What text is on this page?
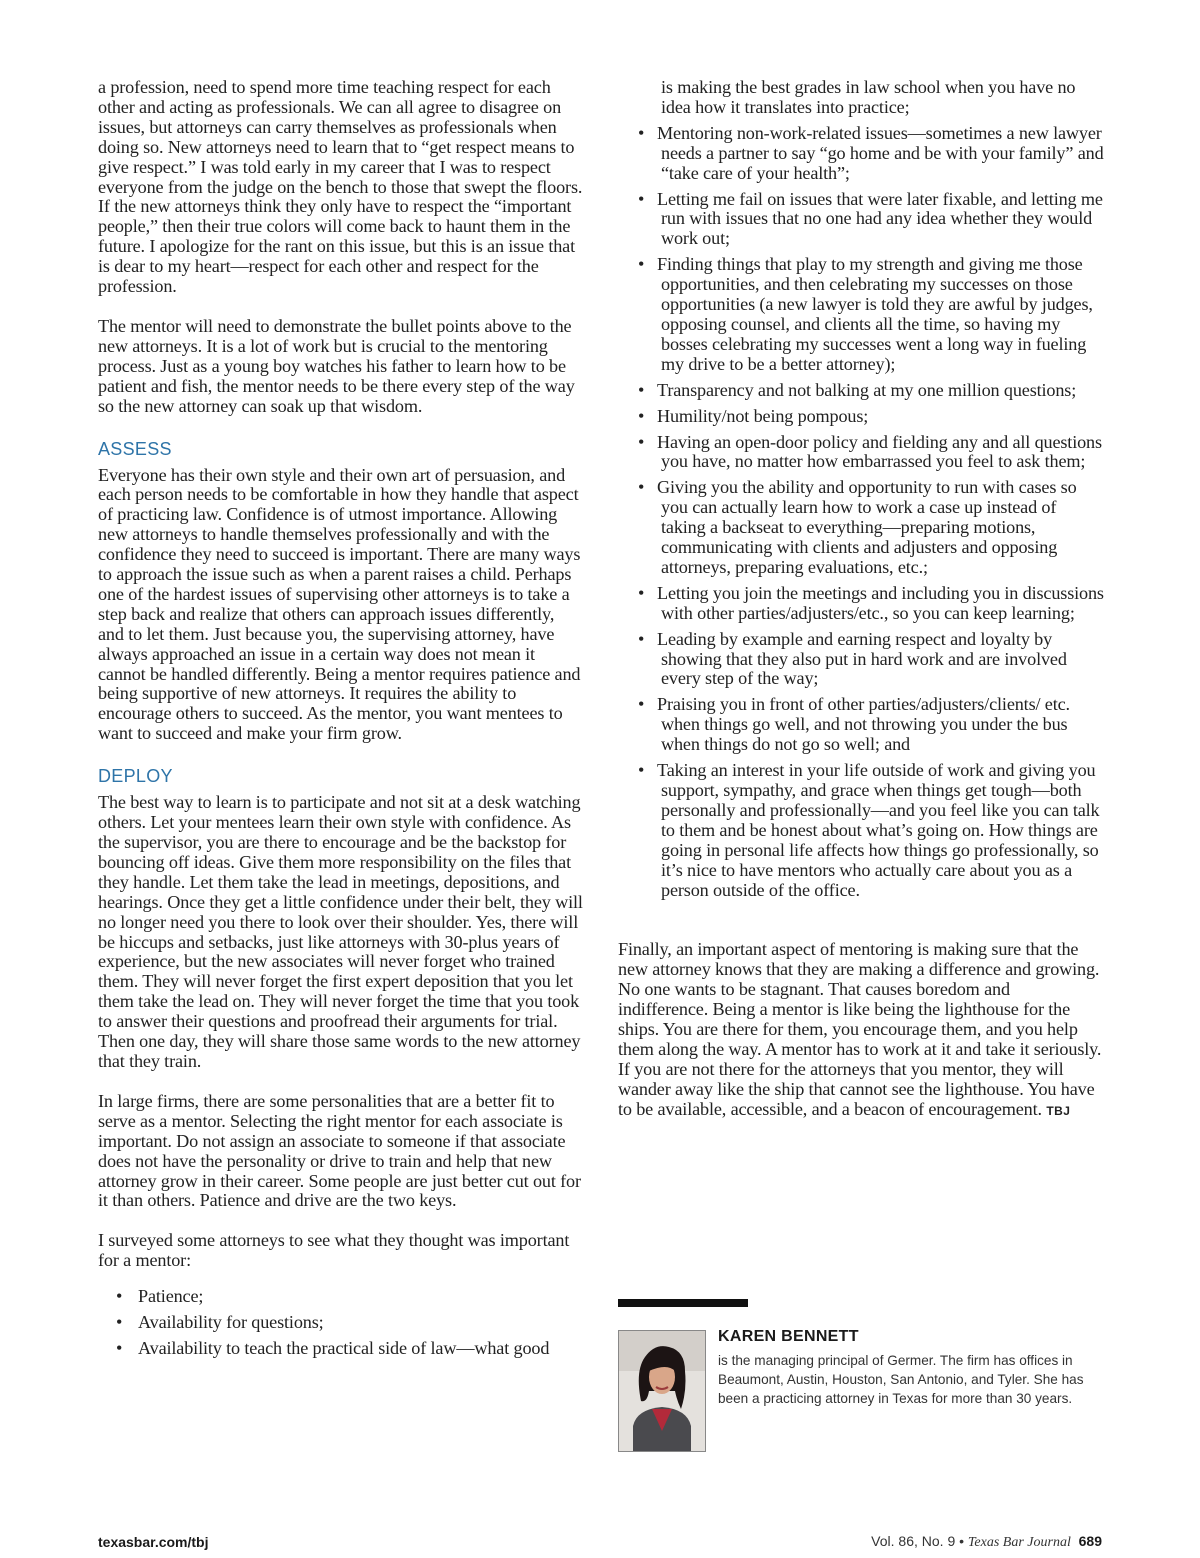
a profession, need to spend more time teaching respect for each other and acting as professionals. We can all agree to disagree on issues, but attorneys can carry themselves as professionals when doing so. New attorneys need to learn that to “get respect means to give respect.” I was told early in my career that I was to respect everyone from the judge on the bench to those that swept the floors. If the new attorneys think they only have to respect the “important people,” then their true colors will come back to haunt them in the future. I apologize for the rant on this issue, but this is an issue that is dear to my heart—respect for each other and respect for the profession.

The mentor will need to demonstrate the bullet points above to the new attorneys. It is a lot of work but is crucial to the mentoring process. Just as a young boy watches his father to learn how to be patient and fish, the mentor needs to be there every step of the way so the new attorney can soak up that wisdom.

ASSESS

Everyone has their own style and their own art of persuasion, and each person needs to be comfortable in how they handle that aspect of practicing law. Confidence is of utmost importance. Allowing new attorneys to handle themselves professionally and with the confidence they need to succeed is important. There are many ways to approach the issue such as when a parent raises a child. Perhaps one of the hardest issues of supervising other attorneys is to take a step back and realize that others can approach issues differently, and to let them. Just because you, the supervising attorney, have always approached an issue in a certain way does not mean it cannot be handled differently. Being a mentor requires patience and being supportive of new attorneys. It requires the ability to encourage others to succeed. As the mentor, you want mentees to want to succeed and make your firm grow.

DEPLOY

The best way to learn is to participate and not sit at a desk watching others. Let your mentees learn their own style with confidence. As the supervisor, you are there to encourage and be the backstop for bouncing off ideas. Give them more responsibility on the files that they handle. Let them take the lead in meetings, depositions, and hearings. Once they get a little confidence under their belt, they will no longer need you there to look over their shoulder. Yes, there will be hiccups and setbacks, just like attorneys with 30-plus years of experience, but the new associates will never forget who trained them. They will never forget the first expert deposition that you let them take the lead on. They will never forget the time that you took to answer their questions and proofread their arguments for trial. Then one day, they will share those same words to the new attorney that they train.

In large firms, there are some personalities that are a better fit to serve as a mentor. Selecting the right mentor for each associate is important. Do not assign an associate to someone if that associate does not have the personality or drive to train and help that new attorney grow in their career. Some people are just better cut out for it than others. Patience and drive are the two keys.

I surveyed some attorneys to see what they thought was important for a mentor:

• Patience;
• Availability for questions;
• Availability to teach the practical side of law—what good

is making the best grades in law school when you have no idea how it translates into practice;

• Mentoring non-work-related issues—sometimes a new lawyer needs a partner to say “go home and be with your family” and “take care of your health”;
• Letting me fail on issues that were later fixable, and letting me run with issues that no one had any idea whether they would work out;
• Finding things that play to my strength and giving me those opportunities, and then celebrating my successes on those opportunities (a new lawyer is told they are awful by judges, opposing counsel, and clients all the time, so having my bosses celebrating my successes went a long way in fueling my drive to be a better attorney);
• Transparency and not balking at my one million questions;
• Humility/not being pompous;
• Having an open-door policy and fielding any and all questions you have, no matter how embarrassed you feel to ask them;
• Giving you the ability and opportunity to run with cases so you can actually learn how to work a case up instead of taking a backseat to everything—preparing motions, communicating with clients and adjusters and opposing attorneys, preparing evaluations, etc.;
• Letting you join the meetings and including you in discussions with other parties/adjusters/etc., so you can keep learning;
• Leading by example and earning respect and loyalty by showing that they also put in hard work and are involved every step of the way;
• Praising you in front of other parties/adjusters/clients/ etc. when things go well, and not throwing you under the bus when things do not go so well; and
• Taking an interest in your life outside of work and giving you support, sympathy, and grace when things get tough—both personally and professionally—and you feel like you can talk to them and be honest about what’s going on. How things are going in personal life affects how things go professionally, so it’s nice to have mentors who actually care about you as a person outside of the office.

Finally, an important aspect of mentoring is making sure that the new attorney knows that they are making a difference and growing. No one wants to be stagnant. That causes boredom and indifference. Being a mentor is like being the lighthouse for the ships. You are there for them, you encourage them, and you help them along the way. A mentor has to work at it and take it seriously. If you are not there for the attorneys that you mentor, they will wander away like the ship that cannot see the lighthouse. You have to be available, accessible, and a beacon of encouragement. TBJ

KAREN BENNETT

is the managing principal of Germer. The firm has offices in Beaumont, Austin, Houston, San Antonio, and Tyler. She has been a practicing attorney in Texas for more than 30 years.

texasbar.com/tbj	Vol. 86, No. 9 • Texas Bar Journal 689
